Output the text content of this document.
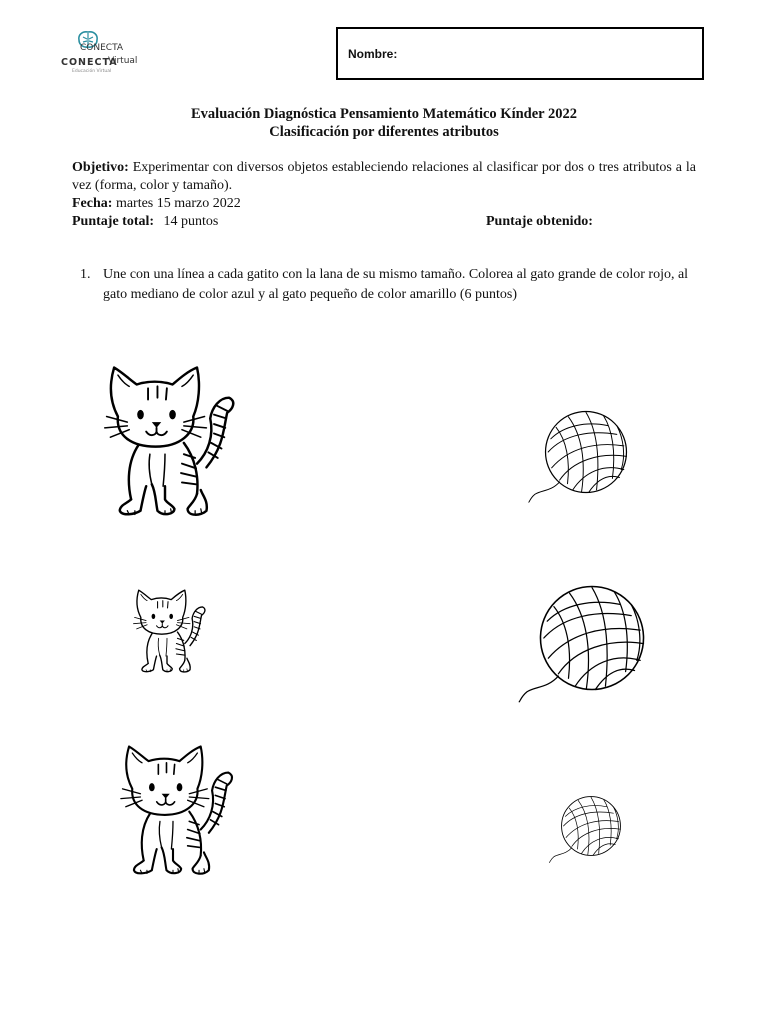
CONECTA
CONECTA
Virtual
Educación Virtual
Nombre:
Evaluación Diagnóstica Pensamiento Matemático Kínder 2022
Clasificación por diferentes atributos
Objetivo: Experimentar con diversos objetos estableciendo relaciones al clasificar por dos o tres atributos a la vez (forma, color y tamaño).
Fecha: martes 15 marzo 2022
Puntaje total: 14 puntos	Puntaje obtenido:
1. Une con una línea a cada gatito con la lana de su mismo tamaño. Colorea al gato grande de color rojo, al gato mediano de color azul y al gato pequeño de color amarillo (6 puntos)
